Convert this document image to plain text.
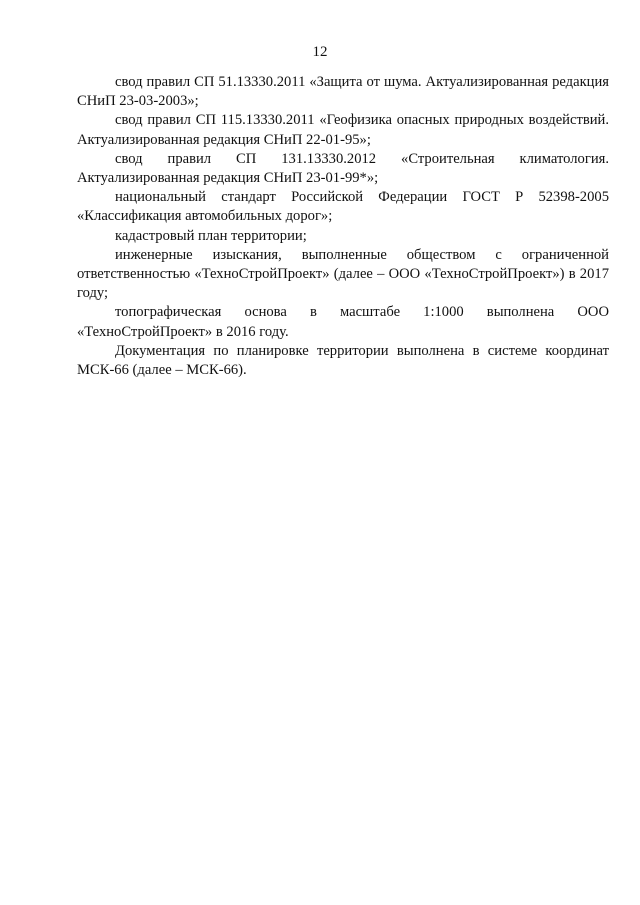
12

свод правил СП 51.13330.2011 «Защита от шума. Актуализированная редакция СНиП 23-03-2003»;

свод правил СП 115.13330.2011 «Геофизика опасных природных воздействий. Актуализированная редакция СНиП 22-01-95»;

свод правил СП 131.13330.2012 «Строительная климатология. Актуализированная редакция СНиП 23-01-99*»;

национальный стандарт Российской Федерации ГОСТ Р 52398-2005 «Классификация автомобильных дорог»;

кадастровый план территории;

инженерные изыскания, выполненные обществом с ограниченной ответственностью «ТехноСтройПроект» (далее – ООО «ТехноСтройПроект») в 2017 году;

топографическая основа в масштабе 1:1000 выполнена ООО «ТехноСтройПроект» в 2016 году.

Документация по планировке территории выполнена в системе координат МСК-66 (далее – МСК-66).
